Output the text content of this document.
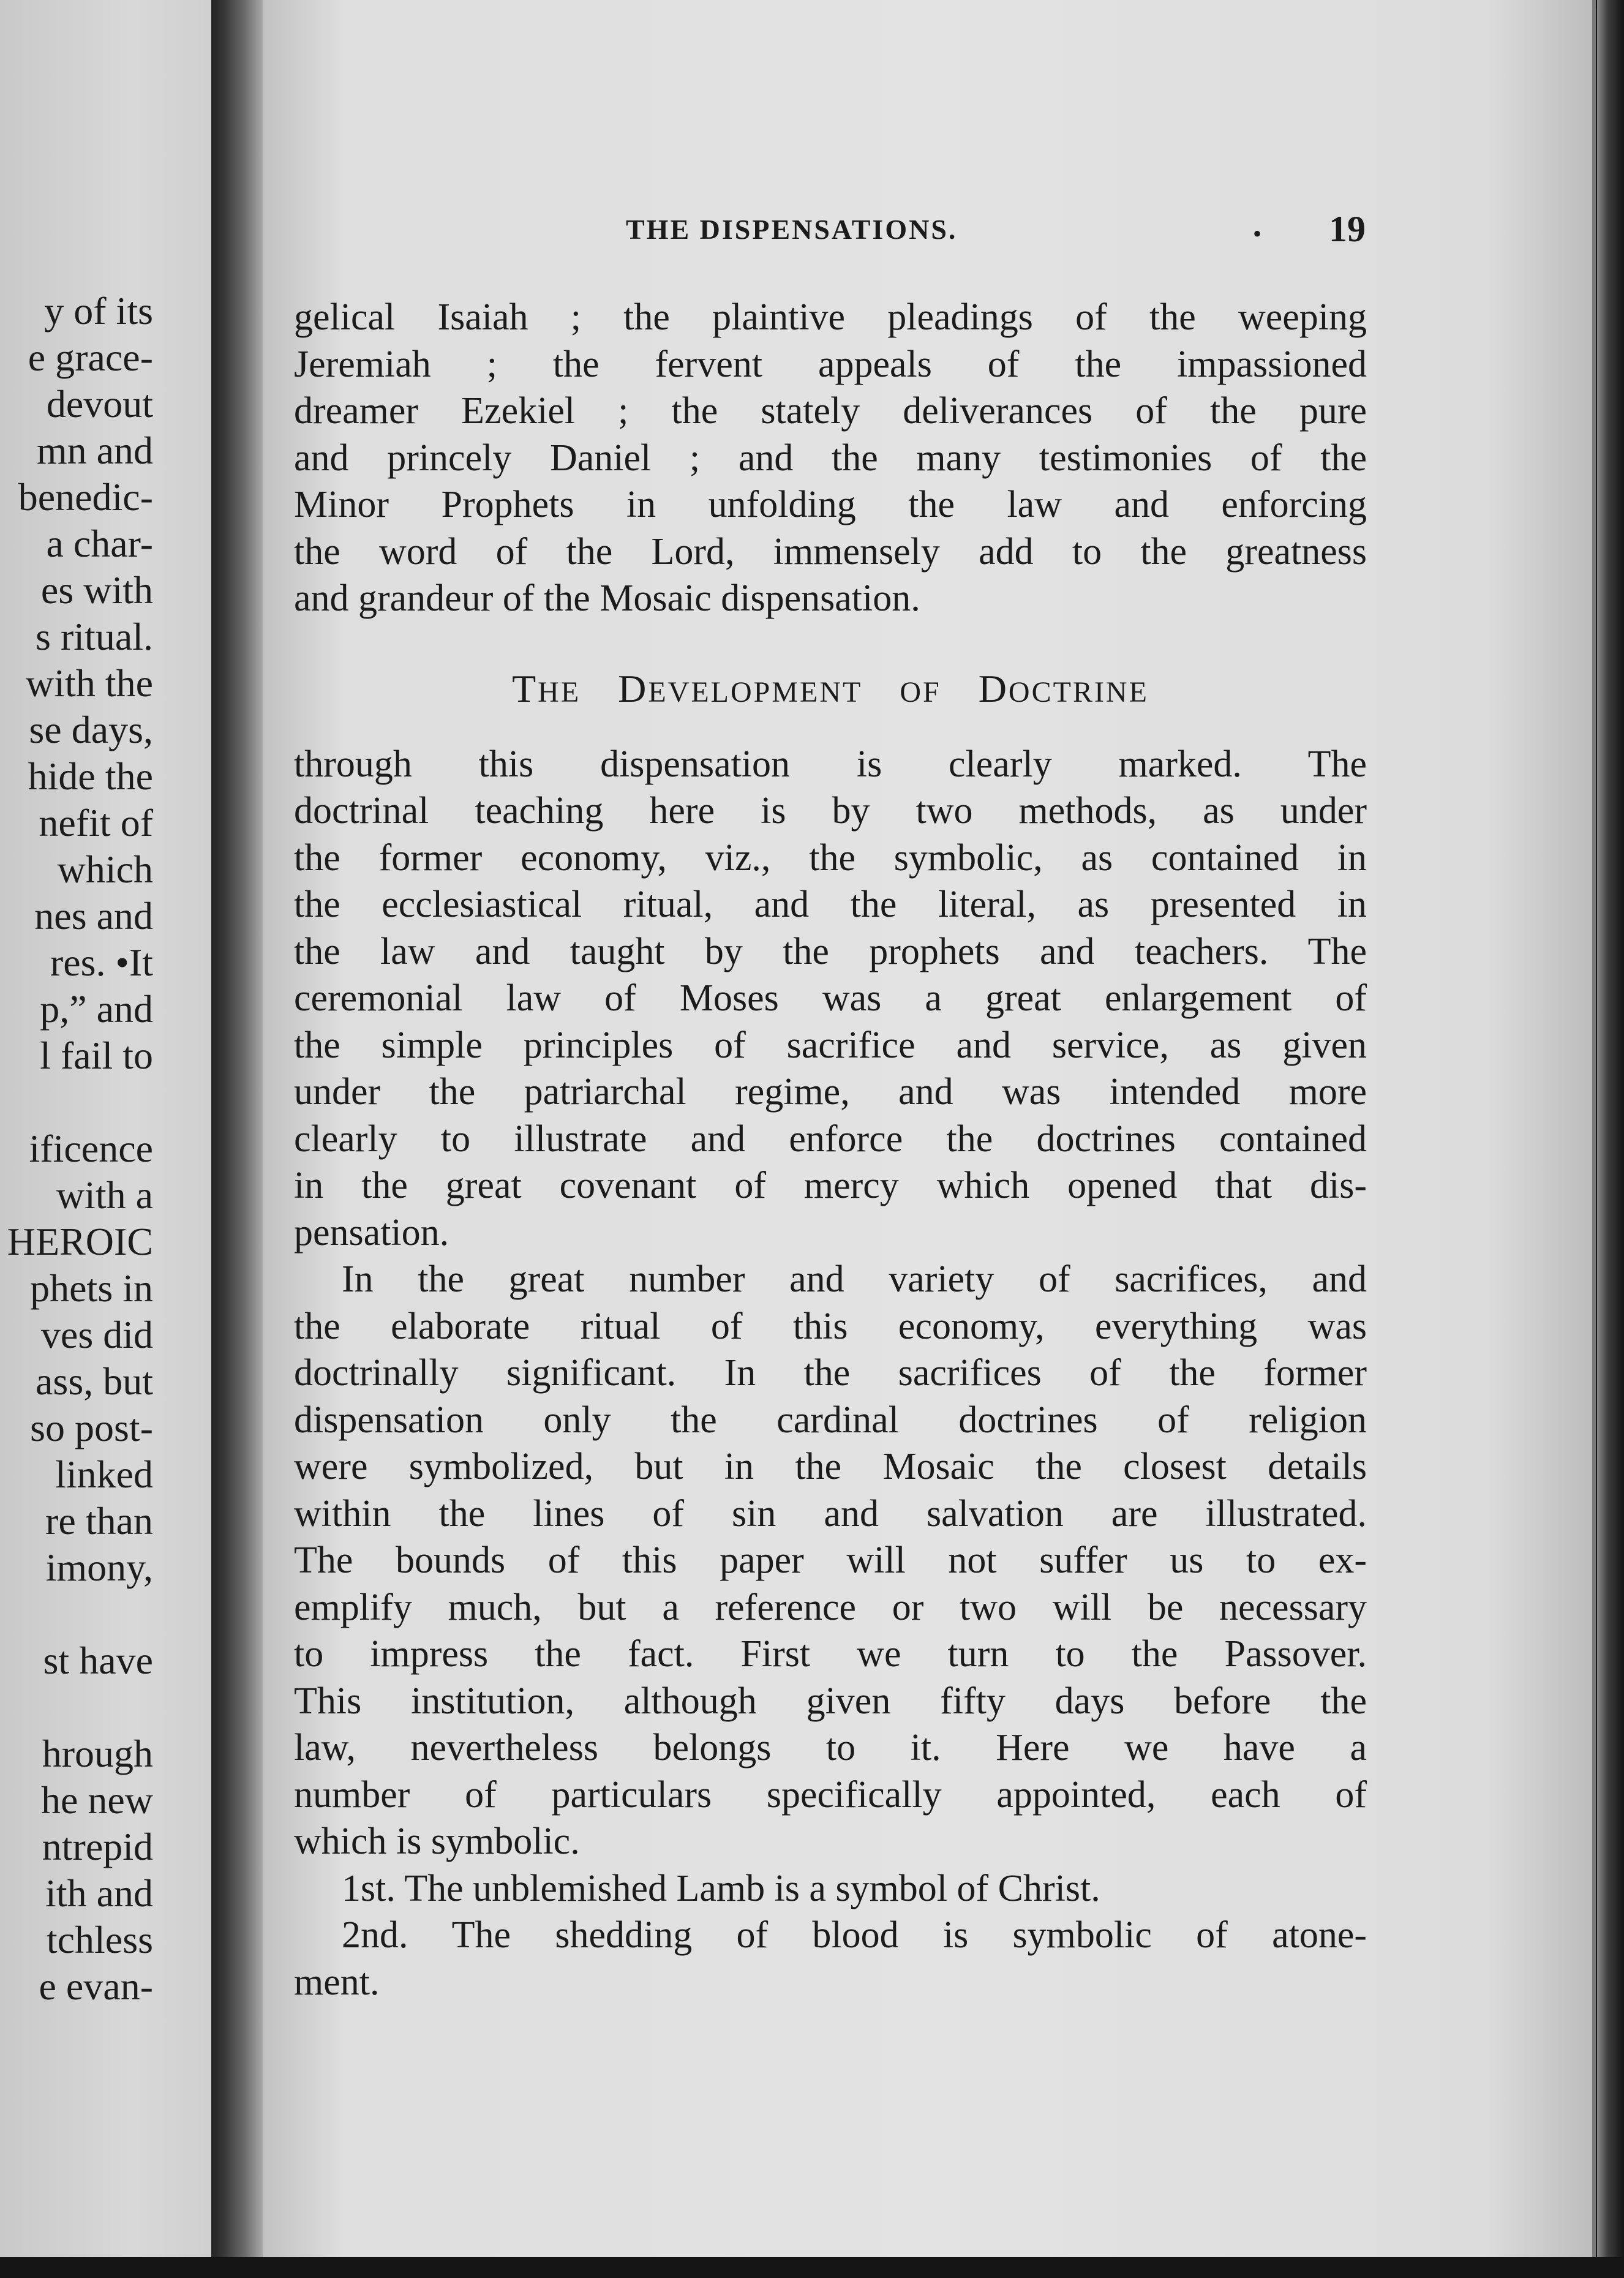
y of its
e grace-
devout
mn and
benedic-
a char-
es with
s ritual.
with the
se days,
hide the
nefit of
which
nes and
res. •It
p,” and
l fail to

ificence
with a
HEROIC
phets in
ves did
ass, but
so post-
linked
re than
imony,

st have

hrough
he new
ntrepid
ith and
tchless
e evan-
THE DISPENSATIONS.	• 19
gelical Isaiah ; the plaintive pleadings of the weeping
Jeremiah ; the fervent appeals of the impassioned
dreamer Ezekiel ; the stately deliverances of the pure
and princely Daniel ; and the many testimonies of the
Minor Prophets in unfolding the law and enforcing
the word of the Lord, immensely add to the greatness
and grandeur of the Mosaic dispensation.
THE  DEVELOPMENT  OF  DOCTRINE
through this dispensation is clearly marked. The
doctrinal teaching here is by two methods, as under
the former economy, viz., the symbolic, as contained in
the ecclesiastical ritual, and the literal, as presented in
the law and taught by the prophets and teachers. The
ceremonial law of Moses was a great enlargement of
the simple principles of sacrifice and service, as given
under the patriarchal regime, and was intended more
clearly to illustrate and enforce the doctrines contained
in the great covenant of mercy which opened that dis-
pensation.
In the great number and variety of sacrifices, and
the elaborate ritual of this economy, everything was
doctrinally significant. In the sacrifices of the former
dispensation only the cardinal doctrines of religion
were symbolized, but in the Mosaic the closest details
within the lines of sin and salvation are illustrated.
The bounds of this paper will not suffer us to ex-
emplify much, but a reference or two will be necessary
to impress the fact. First we turn to the Passover.
This institution, although given fifty days before the
law, nevertheless belongs to it. Here we have a
number of particulars specifically appointed, each of
which is symbolic.
1st. The unblemished Lamb is a symbol of Christ.
2nd. The shedding of blood is symbolic of atone-
ment.
